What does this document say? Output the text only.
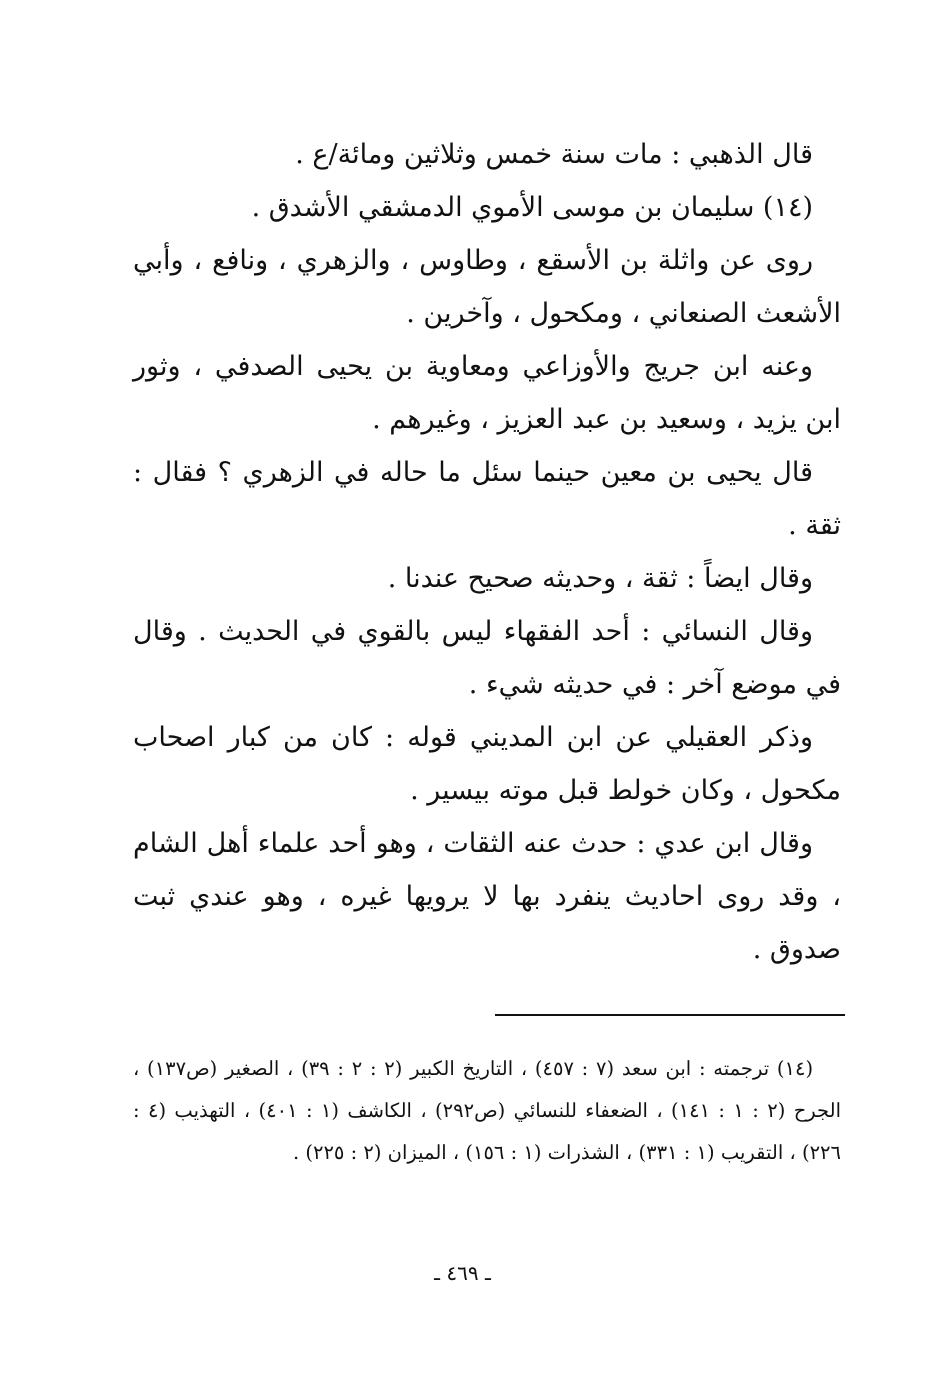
قال الذهبي : مات سنة خمس وثلاثين ومائة/ع .

(١٤) سليمان بن موسى الأموي الدمشقي الأشدق .

روى عن واثلة بن الأسقع ، وطاوس ، والزهري ، ونافع ، وأبي الأشعث الصنعاني ، ومكحول ، وآخرين .

وعنه ابن جريج والأوزاعي ومعاوية بن يحيى الصدفي ، وثور ابن يزيد ، وسعيد بن عبد العزيز ، وغيرهم .

قال يحيى بن معين حينما سئل ما حاله في الزهري ؟ فقال : ثقة .

وقال ايضاً : ثقة ، وحديثه صحيح عندنا .

وقال النسائي : أحد الفقهاء ليس بالقوي في الحديث . وقال في موضع آخر : في حديثه شيء .

وذكر العقيلي عن ابن المديني قوله : كان من كبار اصحاب مكحول ، وكان خولط قبل موته بيسير .

وقال ابن عدي : حدث عنه الثقات ، وهو أحد علماء أهل الشام ، وقد روى احاديث ينفرد بها لا يرويها غيره ، وهو عندي ثبت صدوق .

(١٤) ترجمته : ابن سعد (٧ : ٤٥٧) ، التاريخ الكبير (٢ : ٢ : ٣٩) ، الصغير (ص١٣٧) ، الجرح (٢ : ١ : ١٤١) ، الضعفاء للنسائي (ص٢٩٢) ، الكاشف (١ : ٤٠١) ، التهذيب (٤ : ٢٢٦) ، التقريب (١ : ٣٣١) ، الشذرات (١ : ١٥٦) ، الميزان (٢ : ٢٢٥) .

ـ ٤٦٩ ـ
